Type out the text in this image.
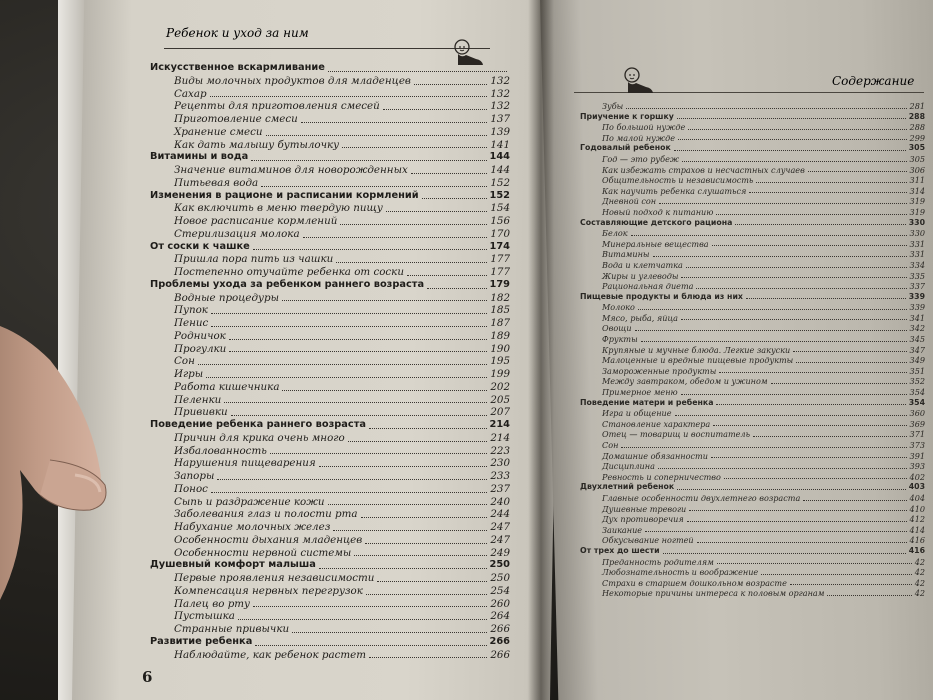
Ребенок и уход за ним
Содержание
Искусственное вскармливание
Виды молочных продуктов для младенцев	132
Сахар	132
Рецепты для приготовления смесей	132
Приготовление смеси	137
Хранение смеси	139
Как дать малышу бутылочку	141
Витамины и вода	144
Значение витаминов для новорожденных	144
Питьевая вода	152
Изменения в рационе и расписании кормлений	152
Как включить в меню твердую пищу	154
Новое расписание кормлений	156
Стерилизация молока	170
От соски к чашке	174
Пришла пора пить из чашки	177
Постепенно отучайте ребенка от соски	177
Проблемы ухода за ребенком раннего возраста	179
Водные процедуры	182
Пупок	185
Пенис	187
Родничок	189
Прогулки	190
Сон	195
Игры	199
Работа кишечника	202
Пеленки	205
Прививки	207
Поведение ребенка раннего возраста	214
Причин для крика очень много	214
Избалованность	223
Нарушения пищеварения	230
Запоры	233
Понос	237
Сыпь и раздражение кожи	240
Заболевания глаз и полости рта	244
Набухание молочных желез	247
Особенности дыхания младенцев	247
Особенности нервной системы	249
Душевный комфорт малыша	250
Первые проявления независимости	250
Компенсация нервных перегрузок	254
Палец во рту	260
Пустышка	264
Странные привычки	266
Развитие ребенка	266
Наблюдайте, как ребенок растет	266
Зубы	281
Приучение к горшку	288
По большой нужде	288
По малой нужде	299
Годовалый ребенок	305
Год — это рубеж	305
Как избежать страхов и несчастных случаев	306
Общительность и независимость	311
Как научить ребенка слушаться	314
Дневной сон	319
Новый подход к питанию	319
Составляющие детского рациона	330
Белок	330
Минеральные вещества	331
Витамины	331
Вода и клетчатка	334
Жиры и углеводы	335
Рациональная диета	337
Пищевые продукты и блюда из них	339
Молоко	339
Мясо, рыба, яйца	341
Овощи	342
Фрукты	345
Крупяные и мучные блюда. Легкие закуски	347
Малоценные и вредные пищевые продукты	349
Замороженные продукты	351
Между завтраком, обедом и ужином	352
Примерное меню	354
Поведение матери и ребенка	354
Игра и общение	360
Становление характера	369
Отец — товарищ и воспитатель	371
Сон	373
Домашние обязанности	391
Дисциплина	393
Ревность и соперничество	402
Двухлетний ребенок	403
Главные особенности двухлетнего возраста	404
Душевные тревоги	410
Дух противоречия	412
Заикание	414
Обкусывание ногтей	416
От трех до шести	416
Преданность родителям	42
Любознательность и воображение	42
Страхи в старшем дошкольном возрасте	42
Некоторые причины интереса к половым органам	42
6
